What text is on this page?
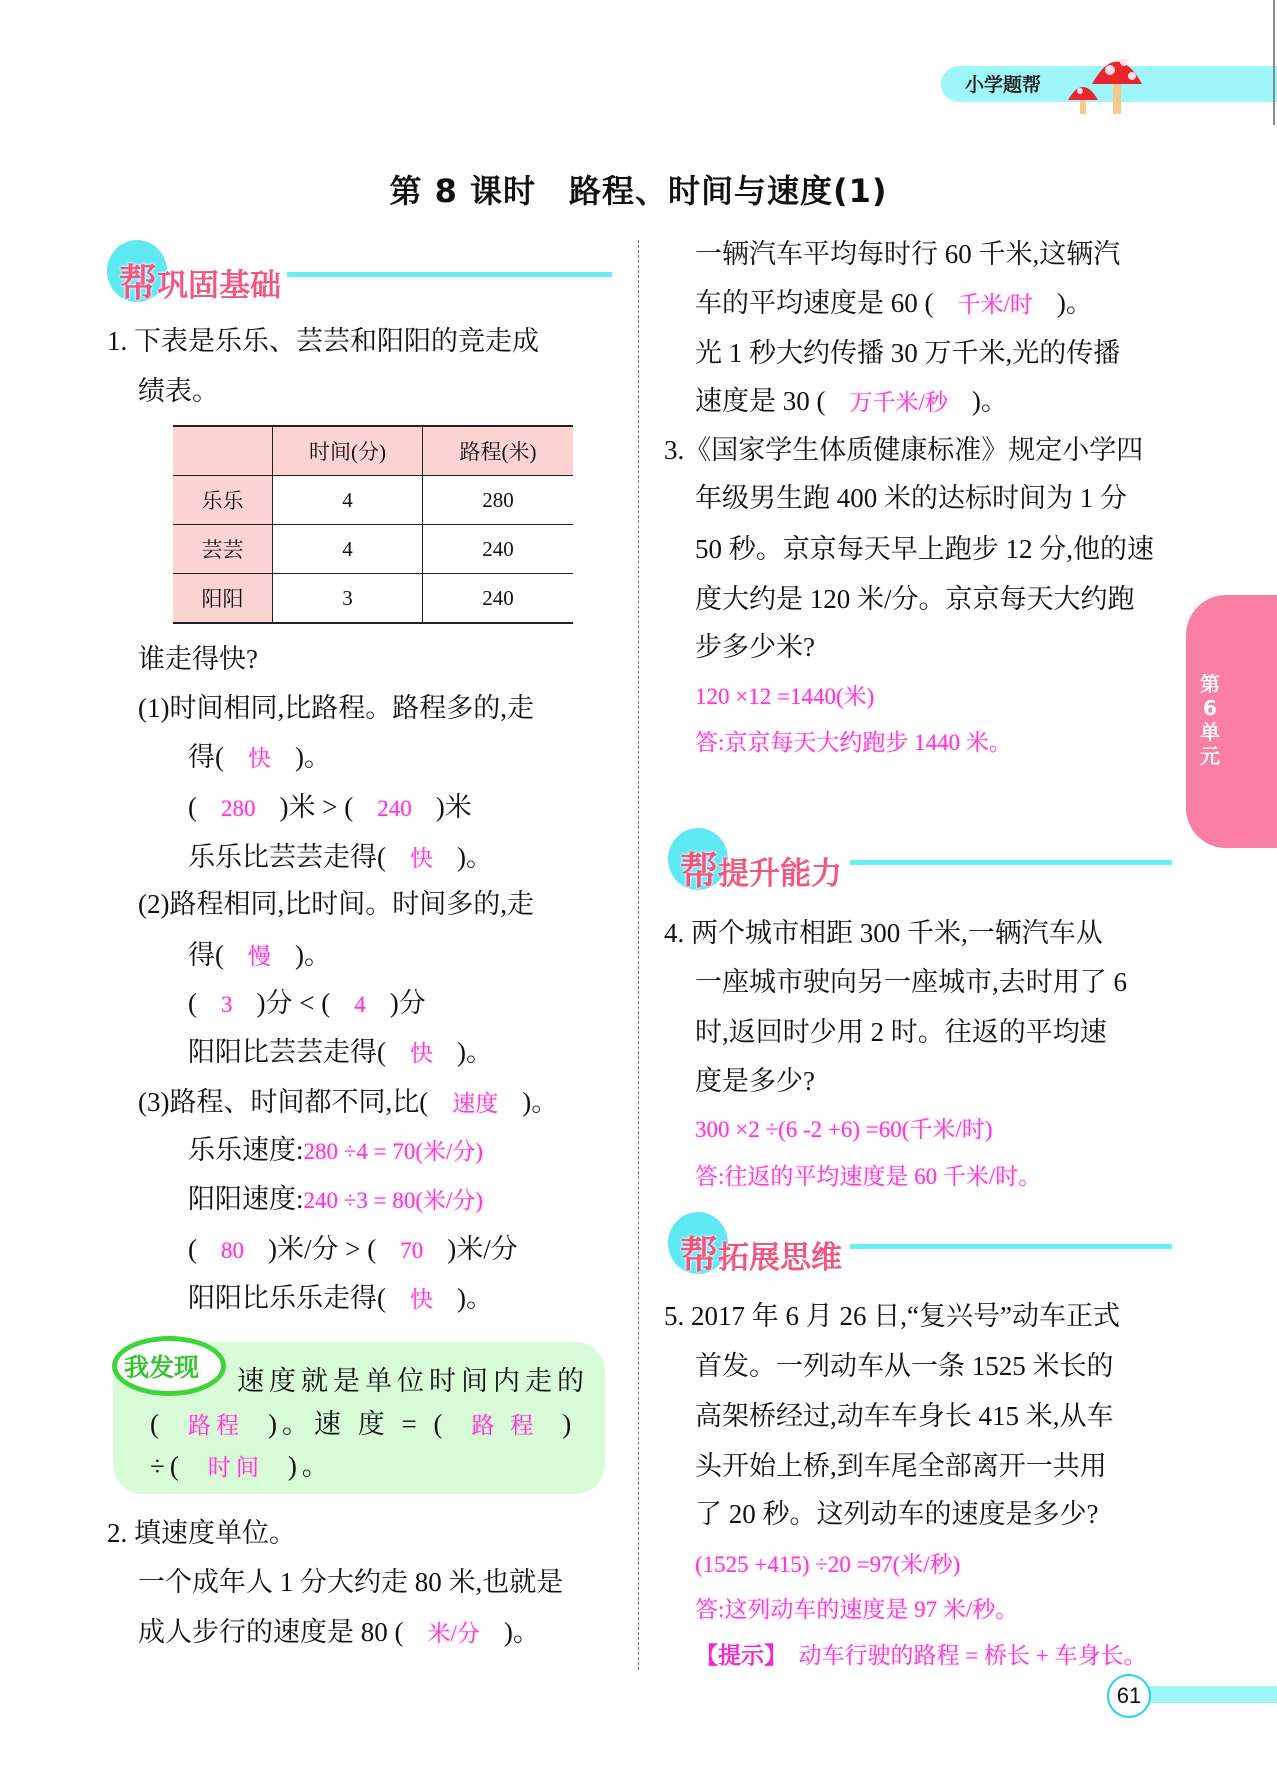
小学题帮
第 8 课时　路程、时间与速度(1)
帮巩固基础
帮提升能力
帮拓展思维
	时间(分)	路程(米)
乐乐	4	280
芸芸	4	240
阳阳	3	240
我发现
第6单元
61
1. 下表是乐乐、芸芸和阳阳的竞走成
绩表。
谁走得快?
(1)时间相同,比路程。路程多的,走
得( 快 )。
( 280 )米 > ( 240 )米
乐乐比芸芸走得( 快 )。
(2)路程相同,比时间。时间多的,走
得( 慢 )。
( 3 )分 < ( 4 )分
阳阳比芸芸走得( 快 )。
(3)路程、时间都不同,比( 速度 )。
乐乐速度:280 ÷4 = 70(米/分)
阳阳速度:240 ÷3 = 80(米/分)
( 80 )米/分 > ( 70 )米/分
阳阳比乐乐走得( 快 )。
2. 填速度单位。
一个成年人 1 分大约走 80 米,也就是
成人步行的速度是 80 ( 米/分 )。
一辆汽车平均每时行 60 千米,这辆汽
车的平均速度是 60 ( 千米/时 )。
光 1 秒大约传播 30 万千米,光的传播
速度是 30 ( 万千米/秒 )。
3.《国家学生体质健康标准》规定小学四
年级男生跑 400 米的达标时间为 1 分
50 秒。京京每天早上跑步 12 分,他的速
度大约是 120 米/分。京京每天大约跑
步多少米?
120 ×12 =1440(米)
答:京京每天大约跑步 1440 米。
4. 两个城市相距 300 千米,一辆汽车从
一座城市驶向另一座城市,去时用了 6
时,返回时少用 2 时。往返的平均速
度是多少?
300 ×2 ÷(6 -2 +6) =60(千米/时)
答:往返的平均速度是 60 千米/时。
5. 2017 年 6 月 26 日,“复兴号”动车正式
首发。一列动车从一条 1525 米长的
高架桥经过,动车车身长 415 米,从车
头开始上桥,到车尾全部离开一共用
了 20 秒。这列动车的速度是多少?
(1525 +415) ÷20 =97(米/秒)
答:这列动车的速度是 97 米/秒。
【提示】　动车行驶的路程 = 桥长 + 车身长。
速度就是单位时间内走的
( 路程 )。速 度 = ( 路 程 )
÷( 时间 )。
